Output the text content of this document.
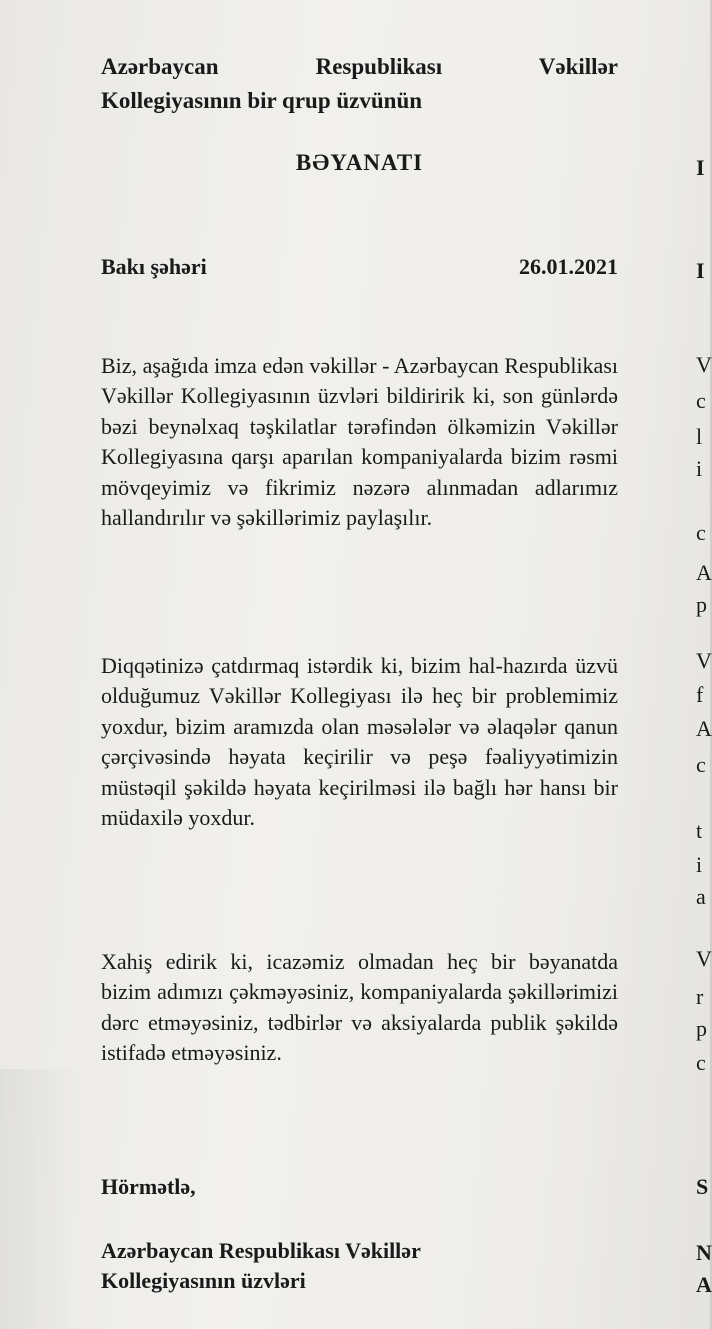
Azərbaycan Respublikası Vəkillər
Kollegiyasının bir qrup üzvünün
BƏYANATI
Bakı şəhəri	26.01.2021
Biz, aşağıda imza edən vəkillər - Azərbaycan Respublikası Vəkillər Kollegiyasının üzvləri bildiririk ki, son günlərdə bəzi beynəlxaq təşkilatlar tərəfindən ölkəmizin Vəkillər Kollegiyasına qarşı aparılan kompaniyalarda bizim rəsmi mövqeyimiz və fikrimiz nəzərə alınmadan adlarımız hallandırılır və şəkillərimiz paylaşılır.
Diqqətinizə çatdırmaq istərdik ki, bizim hal-hazırda üzvü olduğumuz Vəkillər Kollegiyası ilə heç bir problemimiz yoxdur, bizim aramızda olan məsələlər və əlaqələr qanun çərçivəsində həyata keçirilir və peşə fəaliyyətimizin müstəqil şəkildə həyata keçirilməsi ilə bağlı hər hansı bir müdaxilə yoxdur.
Xahiş edirik ki, icazəmiz olmadan heç bir bəyanatda bizim adımızı çəkməyəsiniz, kompaniyalarda şəkillərimizi dərc etməyəsiniz, tədbirlər və aksiyalarda publik şəkildə istifadə etməyəsiniz.
Hörmətlə,
Azərbaycan Respublikası Vəkillər
Kollegiyasının üzvləri
I
I
V
c
l
i
c
A
p
V
f
A
c
t
i
a
V
r
p
c
S
N
A
